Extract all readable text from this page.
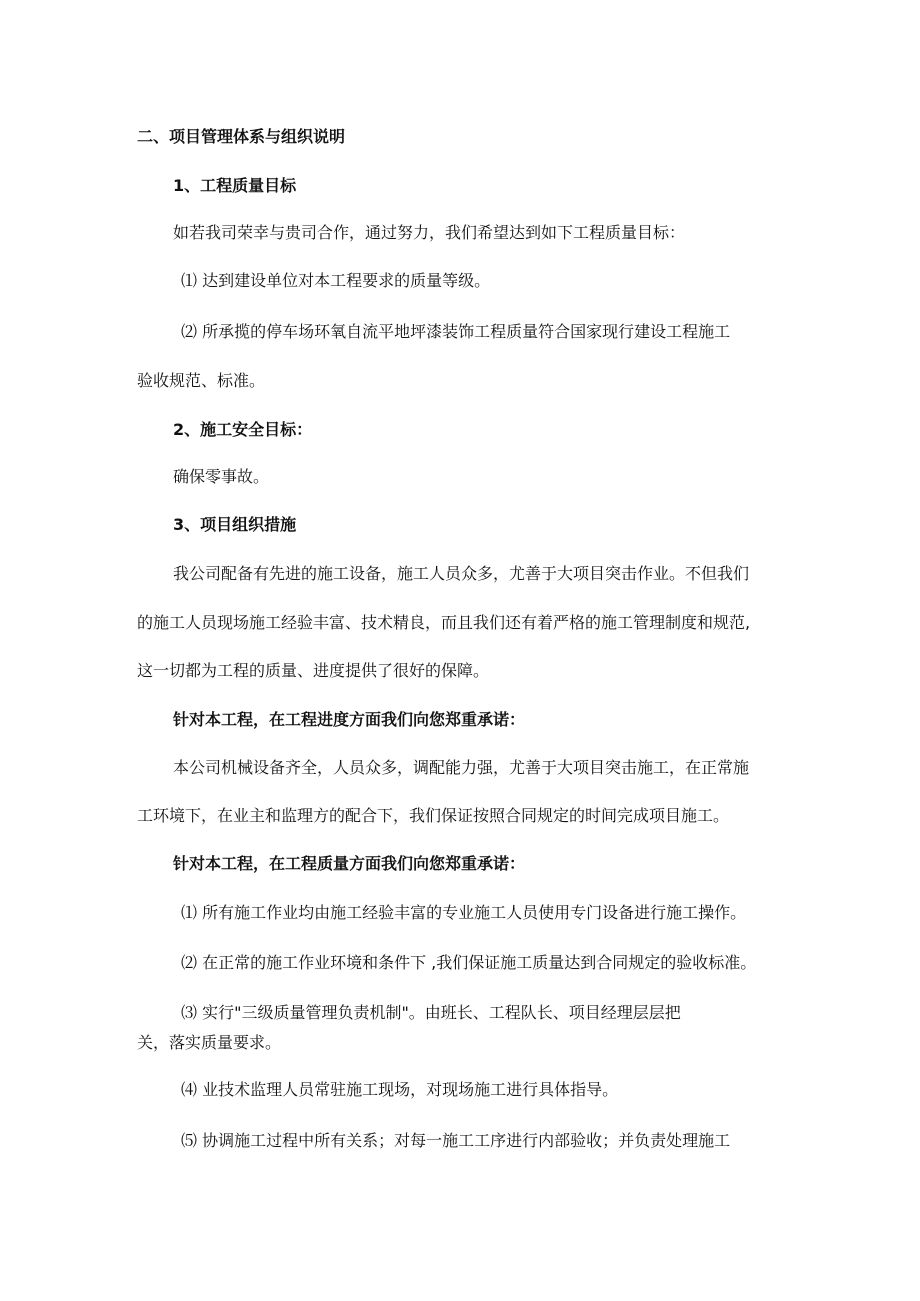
二、项目管理体系与组织说明
1、工程质量目标
如若我司荣幸与贵司合作，通过努力，我们希望达到如下工程质量目标：
⑴ 达到建设单位对本工程要求的质量等级。
⑵ 所承揽的停车场环氧自流平地坪漆装饰工程质量符合国家现行建设工程施工
验收规范、标准。
2、施工安全目标：
确保零事故。
3、项目组织措施
我公司配备有先进的施工设备，施工人员众多，尤善于大项目突击作业。不但我们
的施工人员现场施工经验丰富、技术精良，而且我们还有着严格的施工管理制度和规范,
这一切都为工程的质量、进度提供了很好的保障。
针对本工程，在工程进度方面我们向您郑重承诺：
本公司机械设备齐全，人员众多，调配能力强，尤善于大项目突击施工，在正常施
工环境下，在业主和监理方的配合下，我们保证按照合同规定的时间完成项目施工。
针对本工程，在工程质量方面我们向您郑重承诺：
⑴ 所有施工作业均由施工经验丰富的专业施工人员使用专门设备进行施工操作。
⑵ 在正常的施工作业环境和条件下 ,我们保证施工质量达到合同规定的验收标准。
⑶ 实行"三级质量管理负责机制"。由班长、工程队长、项目经理层层把
关，落实质量要求。
⑷ 业技术监理人员常驻施工现场，对现场施工进行具体指导。
⑸ 协调施工过程中所有关系；对每一施工工序进行内部验收；并负责处理施工
